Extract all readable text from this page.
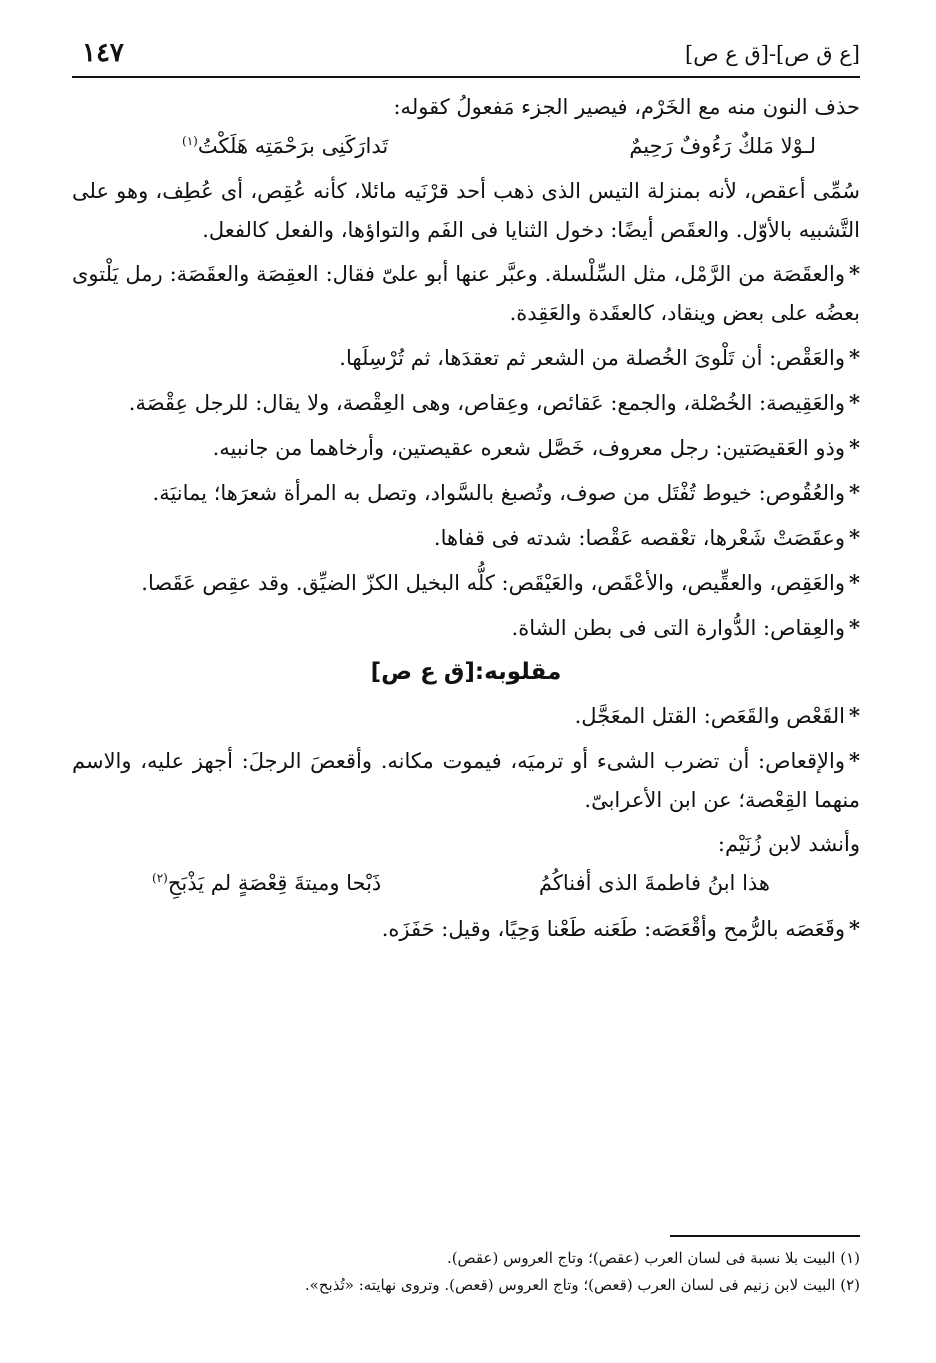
[ع ق ص]-[ق ع ص]
١٤٧

حذف النون منه مع الخَرْم، فيصير الجزء مَفعولُ كقوله:

لـوْلا مَلكٌ رَءُوفٌ رَحِيمٌ
تَدارَكَنِى برَحْمَتِه هَلَكْتُ$^{(١)}$

سُمِّى أعقص، لأنه بمنزلة التيس الذى ذهب أحد قرْنَيه مائلا، كأنه عُقِص، أى عُطِف، وهو على التَّشبيه بالأوّل. والعقَص أيضًا: دخول الثنايا فى الفَم والتواؤها، والفعل كالفعل.

*والعقَصَة من الرَّمْل، مثل السِّلْسلة. وعبَّر عنها أبو علىّ فقال: العقِصَة والعقَصَة: رمل يَلْتوى بعضُه على بعض وينقاد، كالعقَدة والعَقِدة.

*والعَقْص: أن تَلْوىَ الخُصلة من الشعر ثم تعقدَها، ثم تُرْسِلَها.

*والعَقِيصة: الخُصْلة، والجمع: عَقائص، وعِقاص، وهى العِقْصة، ولا يقال: للرجل عِقْصَة.

*وذو العَقيصَتين: رجل معروف، خَصَّل شعره عقيصتين، وأرخاهما من جانبيه.

*والعُقُوص: خيوط تُفْتَل من صوف، وتُصبغ بالسَّواد، وتصل به المرأة شعرَها؛ يمانيَة.

*وعقَصَتْ شَعْرها، تعْقصه عَقْصا: شدته فى قفاها.

*والعَقِص، والعقِّيص، والأعْقَص، والعَيْقَص: كلُّه البخيل الكزّ الضيِّق. وقد عقِص عَقَصا.

*والعِقاص: الدُّوارة التى فى بطن الشاة.

مقلوبه:[ق ع ص]

*القَعْص والقَعَص: القتل المعَجَّل.

*والإقعاص: أن تضرب الشىء أو ترميَه، فيموت مكانه. وأقعصَ الرجلَ: أجهز عليه، والاسم منهما القِعْصة؛ عن ابن الأعرابىّ.

وأنشد لابن زُنَيْم:

هذا ابنُ فاطمةَ الذى أفناكُمُ
ذَبْحا وميتةَ قِعْصَةٍ لم يَذْبَحِ$^{(٢)}$

*وقَعَصَه بالرُّمح وأقْعَصَه: طَعَنه طَعْنا وَحِيًا، وقيل: حَفَزَه.

(١) البيت بلا نسبة فى لسان العرب (عقص)؛ وتاج العروس (عقص).
(٢) البيت لابن زنيم فى لسان العرب (قعص)؛ وتاج العروس (قعص). وتروى نهايته: «تُذبح».
